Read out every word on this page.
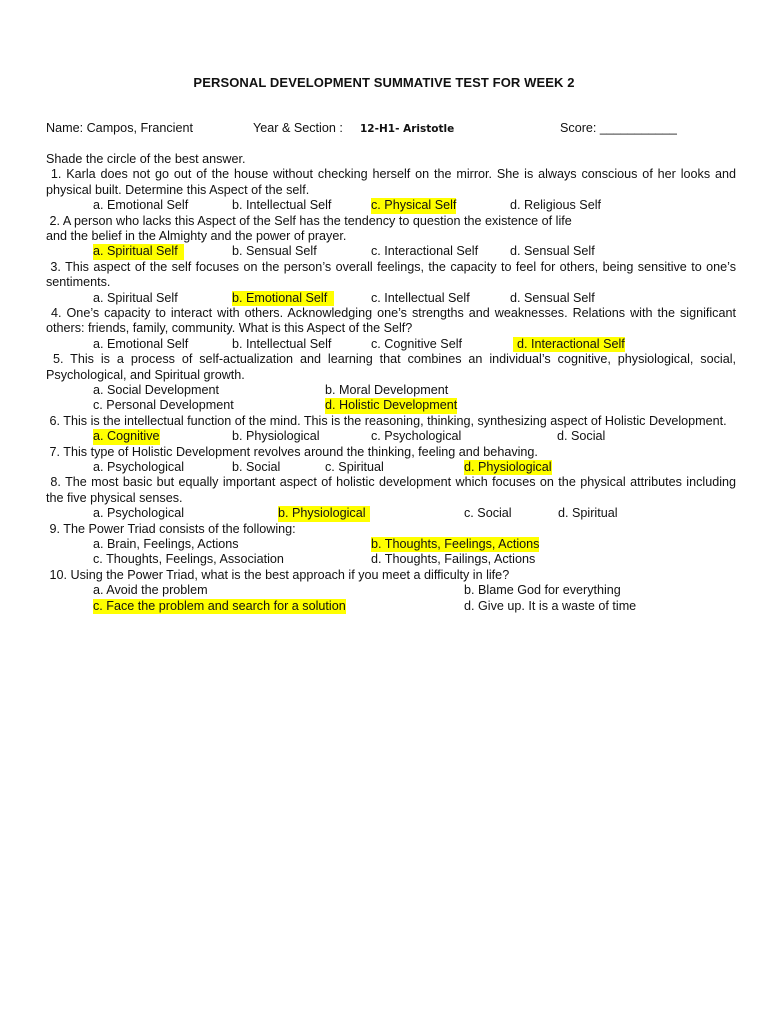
PERSONAL DEVELOPMENT SUMMATIVE TEST FOR WEEK 2
Name: Campos, Francient	Year & Section : 12-H1- Aristotle	Score: ___________
Shade the circle of the best answer.
1. Karla does not go out of the house without checking herself on the mirror. She is always conscious of her looks and physical built. Determine this Aspect of the self.
a. Emotional Self	b. Intellectual Self	c. Physical Self	d. Religious Self
2. A person who lacks this Aspect of the Self has the tendency to question the existence of life
and the belief in the Almighty and the power of prayer.
a. Spiritual Self	b. Sensual Self	c. Interactional Self	d. Sensual Self
3. This aspect of the self focuses on the person’s overall feelings, the capacity to feel for others, being sensitive to one’s sentiments.
a. Spiritual Self	b. Emotional Self	c. Intellectual Self	d. Sensual Self
4. One’s capacity to interact with others. Acknowledging one’s strengths and weaknesses. Relations with the significant others: friends, family, community. What is this Aspect of the Self?
a. Emotional Self	b. Intellectual Self	c. Cognitive Self	d. Interactional Self
5. This is a process of self-actualization and learning that combines an individual’s cognitive, physiological, social, Psychological, and Spiritual growth.
a. Social Development	b. Moral Development
c. Personal Development	d. Holistic Development
6. This is the intellectual function of the mind. This is the reasoning, thinking, synthesizing aspect of Holistic Development.
a. Cognitive	b. Physiological	c. Psychological	d. Social
7. This type of Holistic Development revolves around the thinking, feeling and behaving.
a. Psychological	b. Social	c. Spiritual	d. Physiological
8. The most basic but equally important aspect of holistic development which focuses on the physical attributes including the five physical senses.
a. Psychological	b. Physiological	c. Social	d. Spiritual
9. The Power Triad consists of the following:
a. Brain, Feelings, Actions	b. Thoughts, Feelings, Actions
c. Thoughts, Feelings, Association	d. Thoughts, Failings, Actions
10. Using the Power Triad, what is the best approach if you meet a difficulty in life?
a. Avoid the problem	b. Blame God for everything
c. Face the problem and search for a solution	d. Give up. It is a waste of time
